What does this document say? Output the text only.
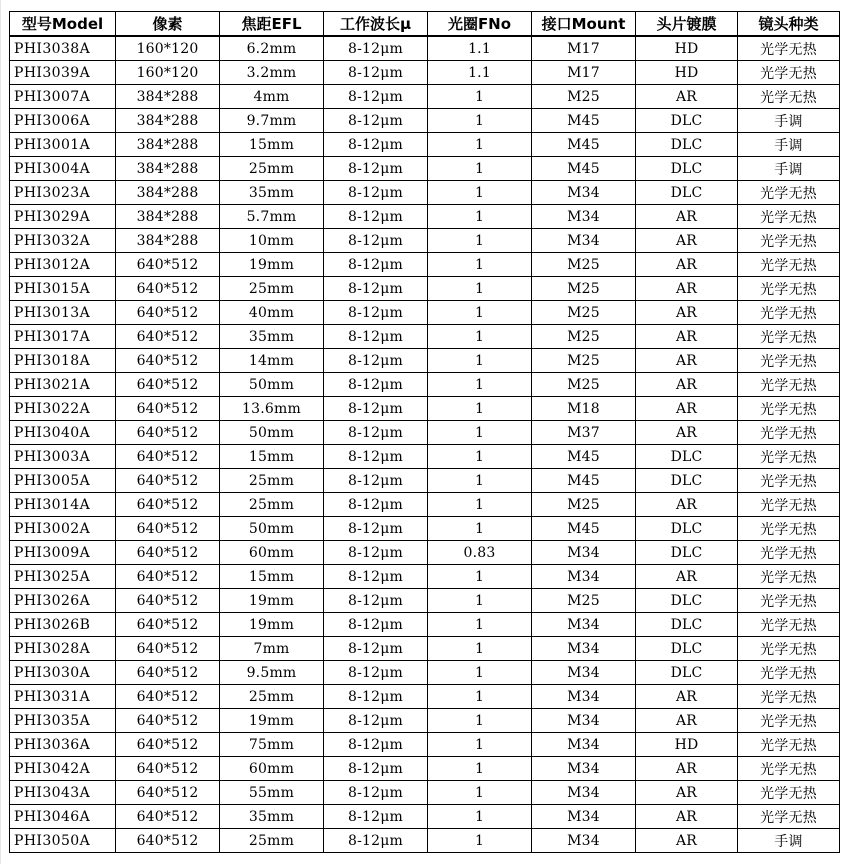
型号Model	像素	焦距EFL	工作波长μ	光圈FNo	接口Mount	头片镀膜	镜头种类
PHI3038A	160*120	6.2mm	8-12μm	1.1	M17	HD	光学无热
PHI3039A	160*120	3.2mm	8-12μm	1.1	M17	HD	光学无热
PHI3007A	384*288	4mm	8-12μm	1	M25	AR	光学无热
PHI3006A	384*288	9.7mm	8-12μm	1	M45	DLC	手调
PHI3001A	384*288	15mm	8-12μm	1	M45	DLC	手调
PHI3004A	384*288	25mm	8-12μm	1	M45	DLC	手调
PHI3023A	384*288	35mm	8-12μm	1	M34	DLC	光学无热
PHI3029A	384*288	5.7mm	8-12μm	1	M34	AR	光学无热
PHI3032A	384*288	10mm	8-12μm	1	M34	AR	光学无热
PHI3012A	640*512	19mm	8-12μm	1	M25	AR	光学无热
PHI3015A	640*512	25mm	8-12μm	1	M25	AR	光学无热
PHI3013A	640*512	40mm	8-12μm	1	M25	AR	光学无热
PHI3017A	640*512	35mm	8-12μm	1	M25	AR	光学无热
PHI3018A	640*512	14mm	8-12μm	1	M25	AR	光学无热
PHI3021A	640*512	50mm	8-12μm	1	M25	AR	光学无热
PHI3022A	640*512	13.6mm	8-12μm	1	M18	AR	光学无热
PHI3040A	640*512	50mm	8-12μm	1	M37	AR	光学无热
PHI3003A	640*512	15mm	8-12μm	1	M45	DLC	光学无热
PHI3005A	640*512	25mm	8-12μm	1	M45	DLC	光学无热
PHI3014A	640*512	25mm	8-12μm	1	M25	AR	光学无热
PHI3002A	640*512	50mm	8-12μm	1	M45	DLC	光学无热
PHI3009A	640*512	60mm	8-12μm	0.83	M34	DLC	光学无热
PHI3025A	640*512	15mm	8-12μm	1	M34	AR	光学无热
PHI3026A	640*512	19mm	8-12μm	1	M25	DLC	光学无热
PHI3026B	640*512	19mm	8-12μm	1	M34	DLC	光学无热
PHI3028A	640*512	7mm	8-12μm	1	M34	DLC	光学无热
PHI3030A	640*512	9.5mm	8-12μm	1	M34	DLC	光学无热
PHI3031A	640*512	25mm	8-12μm	1	M34	AR	光学无热
PHI3035A	640*512	19mm	8-12μm	1	M34	AR	光学无热
PHI3036A	640*512	75mm	8-12μm	1	M34	HD	光学无热
PHI3042A	640*512	60mm	8-12μm	1	M34	AR	光学无热
PHI3043A	640*512	55mm	8-12μm	1	M34	AR	光学无热
PHI3046A	640*512	35mm	8-12μm	1	M34	AR	光学无热
PHI3050A	640*512	25mm	8-12μm	1	M34	AR	手调
